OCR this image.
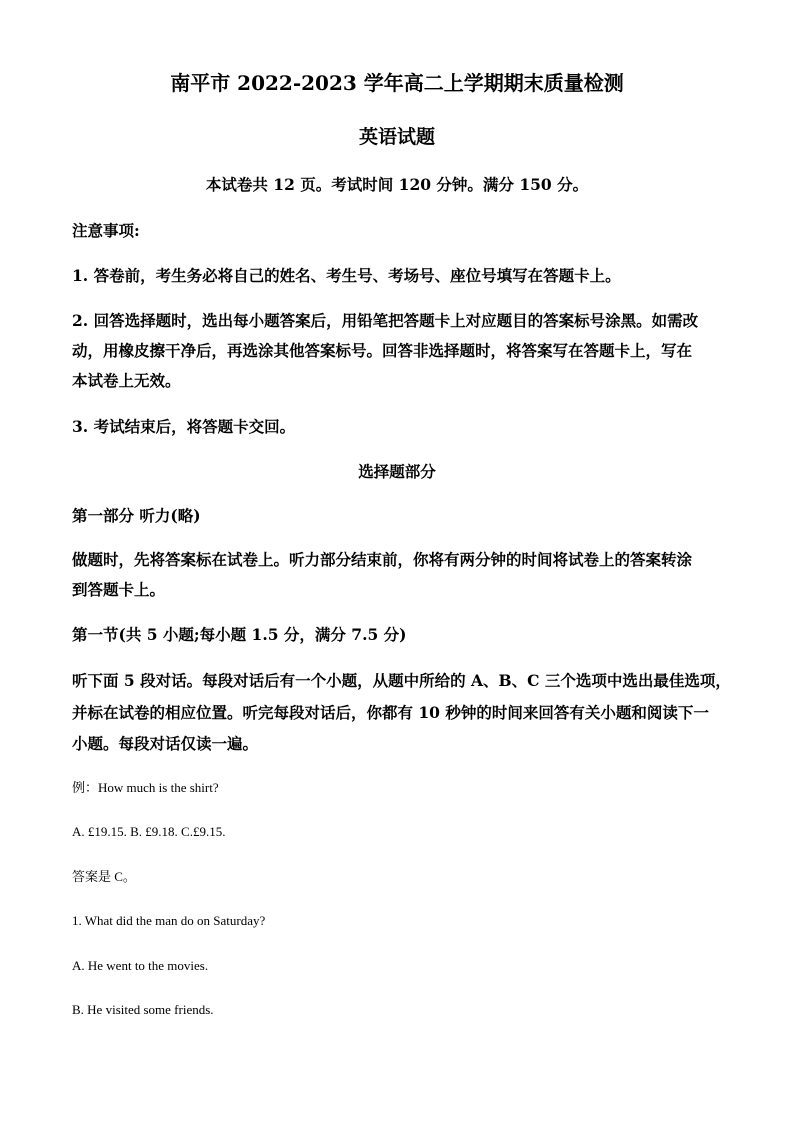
南平市 2022-2023 学年高二上学期期末质量检测
英语试题
本试卷共 12 页。考试时间 120 分钟。满分 150 分。
注意事项:
1. 答卷前，考生务必将自己的姓名、考生号、考场号、座位号填写在答题卡上。
2. 回答选择题时，选出每小题答案后，用铅笔把答题卡上对应题目的答案标号涂黑。如需改
动，用橡皮擦干净后，再选涂其他答案标号。回答非选择题时，将答案写在答题卡上，写在
本试卷上无效。
3. 考试结束后，将答题卡交回。
选择题部分
第一部分 听力(略)
做题时，先将答案标在试卷上。听力部分结束前，你将有两分钟的时间将试卷上的答案转涂
到答题卡上。
第一节(共 5 小题;每小题 1.5 分，满分 7.5 分)
听下面 5 段对话。每段对话后有一个小题，从题中所给的 A、B、C 三个选项中选出最佳选项，
并标在试卷的相应位置。听完每段对话后，你都有 10 秒钟的时间来回答有关小题和阅读下一
小题。每段对话仅读一遍。
例：How much is the shirt?
A. £19.15. B. £9.18. C.£9.15.
答案是 C。
1. What did the man do on Saturday?
A. He went to the movies.
B. He visited some friends.
